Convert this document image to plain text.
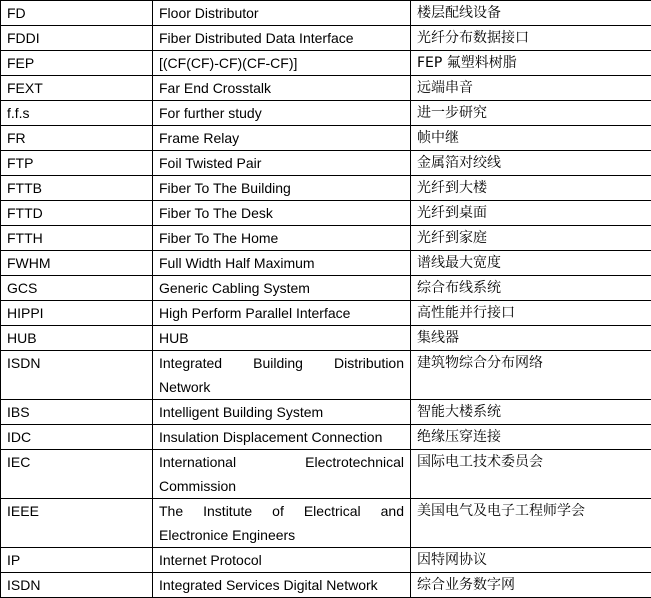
FD	Floor Distributor	楼层配线设备
FDDI	Fiber Distributed Data Interface	光纤分布数据接口
FEP	[(CF(CF)-CF)(CF-CF)]	FEP 氟塑料树脂
FEXT	Far End Crosstalk	远端串音
f.f.s	For further study	进一步研究
FR	Frame Relay	帧中继
FTP	Foil Twisted Pair	金属箔对绞线
FTTB	Fiber To The Building	光纤到大楼
FTTD	Fiber To The Desk	光纤到桌面
FTTH	Fiber To The Home	光纤到家庭
FWHM	Full Width Half Maximum	谱线最大宽度
GCS	Generic Cabling System	综合布线系统
HIPPI	High Perform Parallel Interface	高性能并行接口
HUB	HUB	集线器
ISDN	Integrated Building Distribution Network	建筑物综合分布网络
IBS	Intelligent Building System	智能大楼系统
IDC	Insulation Displacement Connection	绝缘压穿连接
IEC	International Electrotechnical Commission	国际电工技术委员会
IEEE	The Institute of Electrical and Electronice Engineers	美国电气及电子工程师学会
IP	Internet Protocol	因特网协议
ISDN	Integrated Services Digital Network	综合业务数字网
